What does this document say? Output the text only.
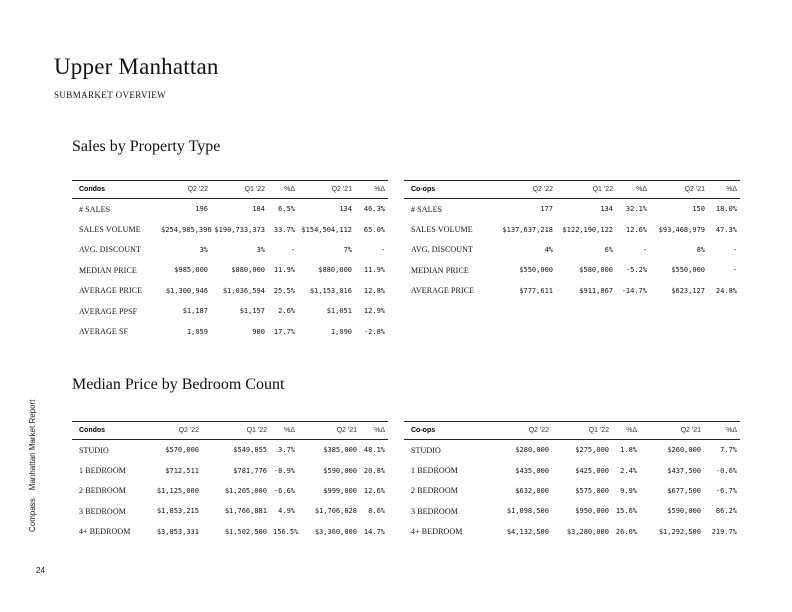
Upper Manhattan
SUBMARKET OVERVIEW
Sales by Property Type
Median Price by Bedroom Count
Condos	Q2 '22	Q1 '22	%Δ	Q2 '21	%Δ
# SALES	196	184	6.5%	134	46.3%
SALES VOLUME	$254,985,396	$190,733,373	33.7%	$154,504,112	65.0%
AVG. DISCOUNT	3%	3%	-	7%	-
MEDIAN PRICE	$985,000	$880,000	11.9%	$880,000	11.9%
AVERAGE PRICE	$1,300,946	$1,036,594	25.5%	$1,153,016	12.8%
AVERAGE PPSF	$1,187	$1,157	2.6%	$1,051	12.9%
AVERAGE SF	1,059	900	17.7%	1,090	-2.8%
Co-ops	Q2 '22	Q1 '22	%Δ	Q2 '21	%Δ
# SALES	177	134	32.1%	150	18.0%
SALES VOLUME	$137,637,218	$122,190,122	12.6%	$93,468,979	47.3%
AVG. DISCOUNT	4%	6%	-	8%	-
MEDIAN PRICE	$550,000	$580,000	-5.2%	$550,000	-
AVERAGE PRICE	$777,611	$911,867	-14.7%	$623,127	24.8%
Condos	Q2 '22	Q1 '22	%Δ	Q2 '21	%Δ
STUDIO	$570,000	$549,855	3.7%	$385,000	48.1%
1 BEDROOM	$712,511	$781,776	-8.9%	$590,000	20.8%
2 BEDROOM	$1,125,000	$1,205,000	-6.6%	$999,000	12.6%
3 BEDROOM	$1,853,215	$1,766,881	4.9%	$1,706,828	8.6%
4+ BEDROOM	$3,853,331	$1,502,500	156.5%	$3,360,000	14.7%
Co-ops	Q2 '22	Q1 '22	%Δ	Q2 '21	%Δ
STUDIO	$280,000	$275,000	1.8%	$260,000	7.7%
1 BEDROOM	$435,000	$425,000	2.4%	$437,500	-0.6%
2 BEDROOM	$632,000	$575,000	9.9%	$677,500	-6.7%
3 BEDROOM	$1,098,500	$950,000	15.6%	$590,000	86.2%
4+ BEDROOM	$4,132,500	$3,280,000	26.0%	$1,292,500	219.7%
CompassManhattan Market Report
24
